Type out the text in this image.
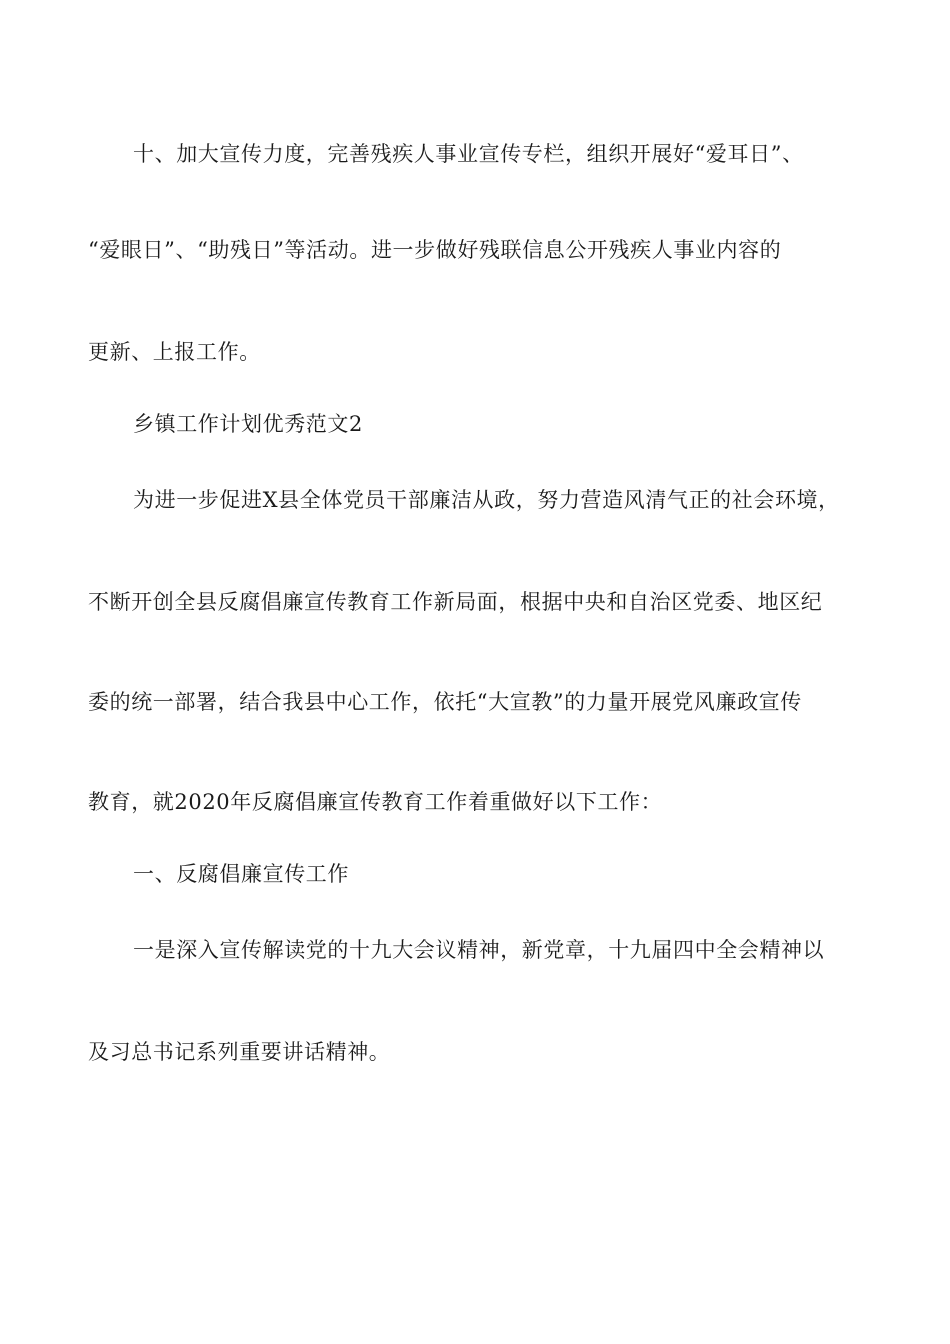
十、加大宣传力度，完善残疾人事业宣传专栏，组织开展好“爱耳日”、
“爱眼日”、“助残日”等活动。进一步做好残联信息公开残疾人事业内容的
更新、上报工作。
乡镇工作计划优秀范文2
为进一步促进X县全体党员干部廉洁从政，努力营造风清气正的社会环境，
不断开创全县反腐倡廉宣传教育工作新局面，根据中央和自治区党委、地区纪
委的统一部署，结合我县中心工作，依托“大宣教”的力量开展党风廉政宣传
教育，就2020年反腐倡廉宣传教育工作着重做好以下工作：
一、反腐倡廉宣传工作
一是深入宣传解读党的十九大会议精神，新党章，十九届四中全会精神以
及习总书记系列重要讲话精神。
